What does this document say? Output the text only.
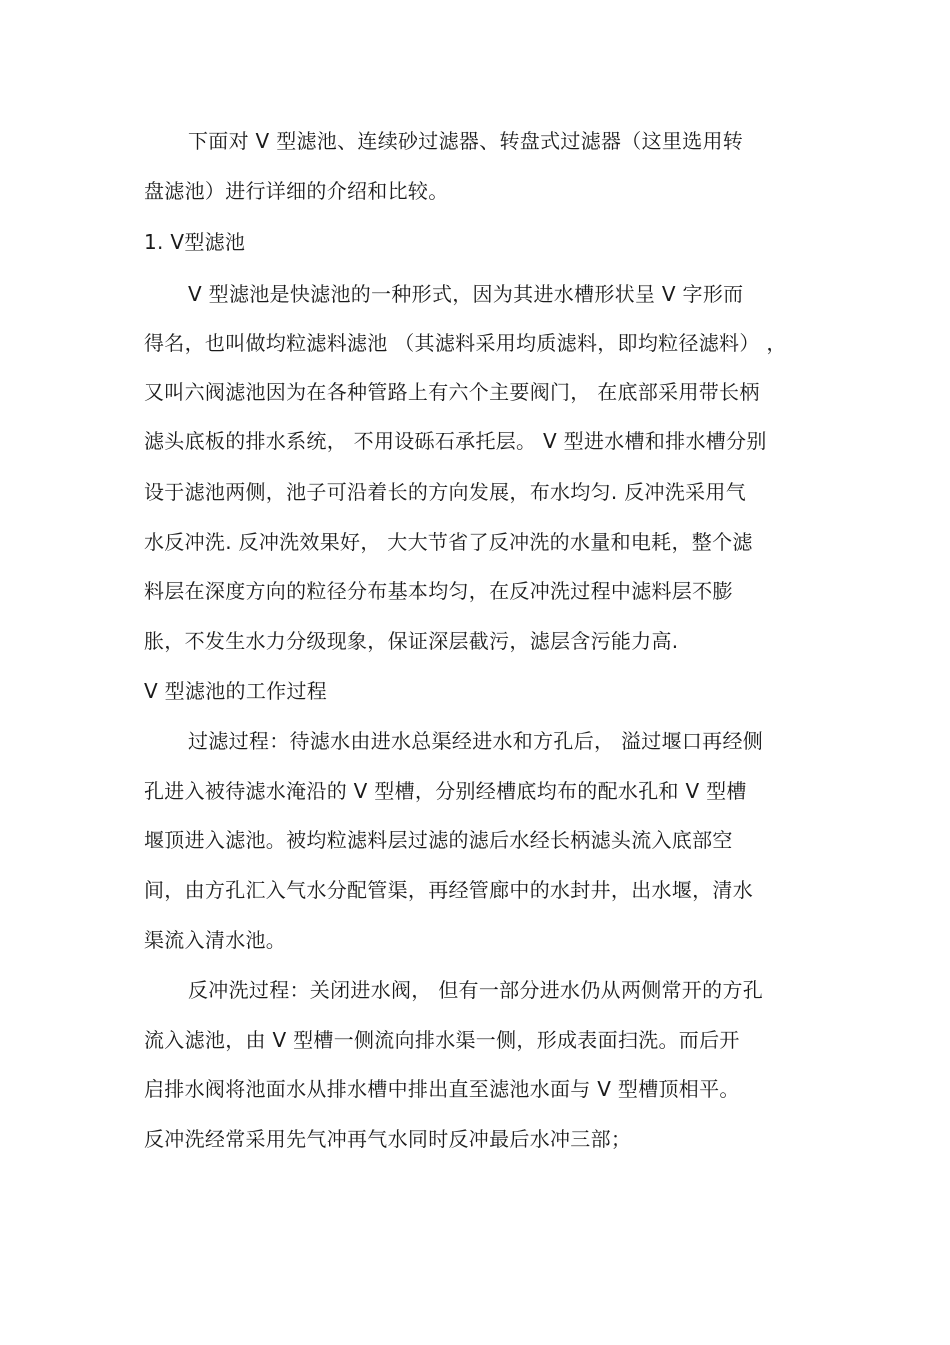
下面对 V 型滤池、连续砂过滤器、转盘式过滤器（这里选用转
盘滤池）进行详细的介绍和比较。
1. V型滤池
V 型滤池是快滤池的一种形式，因为其进水槽形状呈 V 字形而
得名，也叫做均粒滤料滤池 （其滤料采用均质滤料，即均粒径滤料） ，
又叫六阀滤池因为在各种管路上有六个主要阀门， 在底部采用带长柄
滤头底板的排水系统， 不用设砾石承托层。 V 型进水槽和排水槽分别
设于滤池两侧，池子可沿着长的方向发展，布水均匀. 反冲洗采用气
水反冲洗. 反冲洗效果好， 大大节省了反冲洗的水量和电耗，整个滤
料层在深度方向的粒径分布基本均匀，在反冲洗过程中滤料层不膨
胀，不发生水力分级现象，保证深层截污，滤层含污能力高.
V 型滤池的工作过程
过滤过程：待滤水由进水总渠经进水和方孔后， 溢过堰口再经侧
孔进入被待滤水淹沿的 V 型槽，分别经槽底均布的配水孔和 V 型槽
堰顶进入滤池。被均粒滤料层过滤的滤后水经长柄滤头流入底部空
间，由方孔汇入气水分配管渠，再经管廊中的水封井，出水堰，清水
渠流入清水池。
反冲洗过程：关闭进水阀， 但有一部分进水仍从两侧常开的方孔
流入滤池，由 V 型槽一侧流向排水渠一侧，形成表面扫洗。而后开
启排水阀将池面水从排水槽中排出直至滤池水面与 V 型槽顶相平。
反冲洗经常采用先气冲再气水同时反冲最后水冲三部；
